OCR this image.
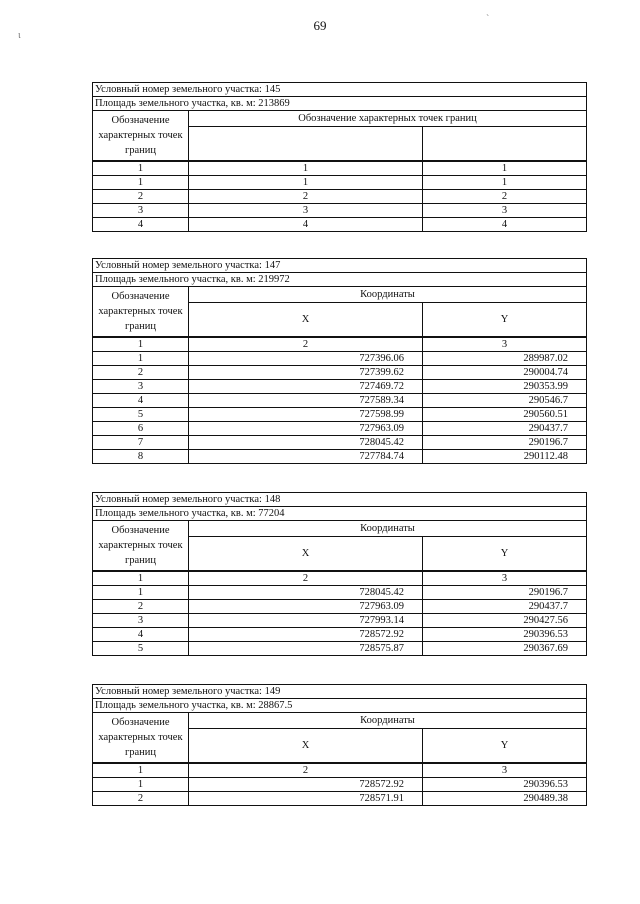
69
ι
ˋ
Условный номер земельного участка: 145		
Площадь земельного участка, кв. м: 213869		
Обозначение характерных точек границ	Обозначение характерных точек границ	

1	1	1
1	1	1
2	2	2
3	3	3
4	4	4
Условный номер земельного участка: 147		
Площадь земельного участка, кв. м: 219972		
Обозначение характерных точек границ	Координаты	
	X	Y
1	2	3
1	727396.06	289987.02
2	727399.62	290004.74
3	727469.72	290353.99
4	727589.34	290546.7
5	727598.99	290560.51
6	727963.09	290437.7
7	728045.42	290196.7
8	727784.74	290112.48
Условный номер земельного участка: 148		
Площадь земельного участка, кв. м: 77204		
Обозначение характерных точек границ	Координаты	
	X	Y
1	2	3
1	728045.42	290196.7
2	727963.09	290437.7
3	727993.14	290427.56
4	728572.92	290396.53
5	728575.87	290367.69
Условный номер земельного участка: 149		
Площадь земельного участка, кв. м: 28867.5		
Обозначение характерных точек границ	Координаты	
	X	Y
1	2	3
1	728572.92	290396.53
2	728571.91	290489.38
